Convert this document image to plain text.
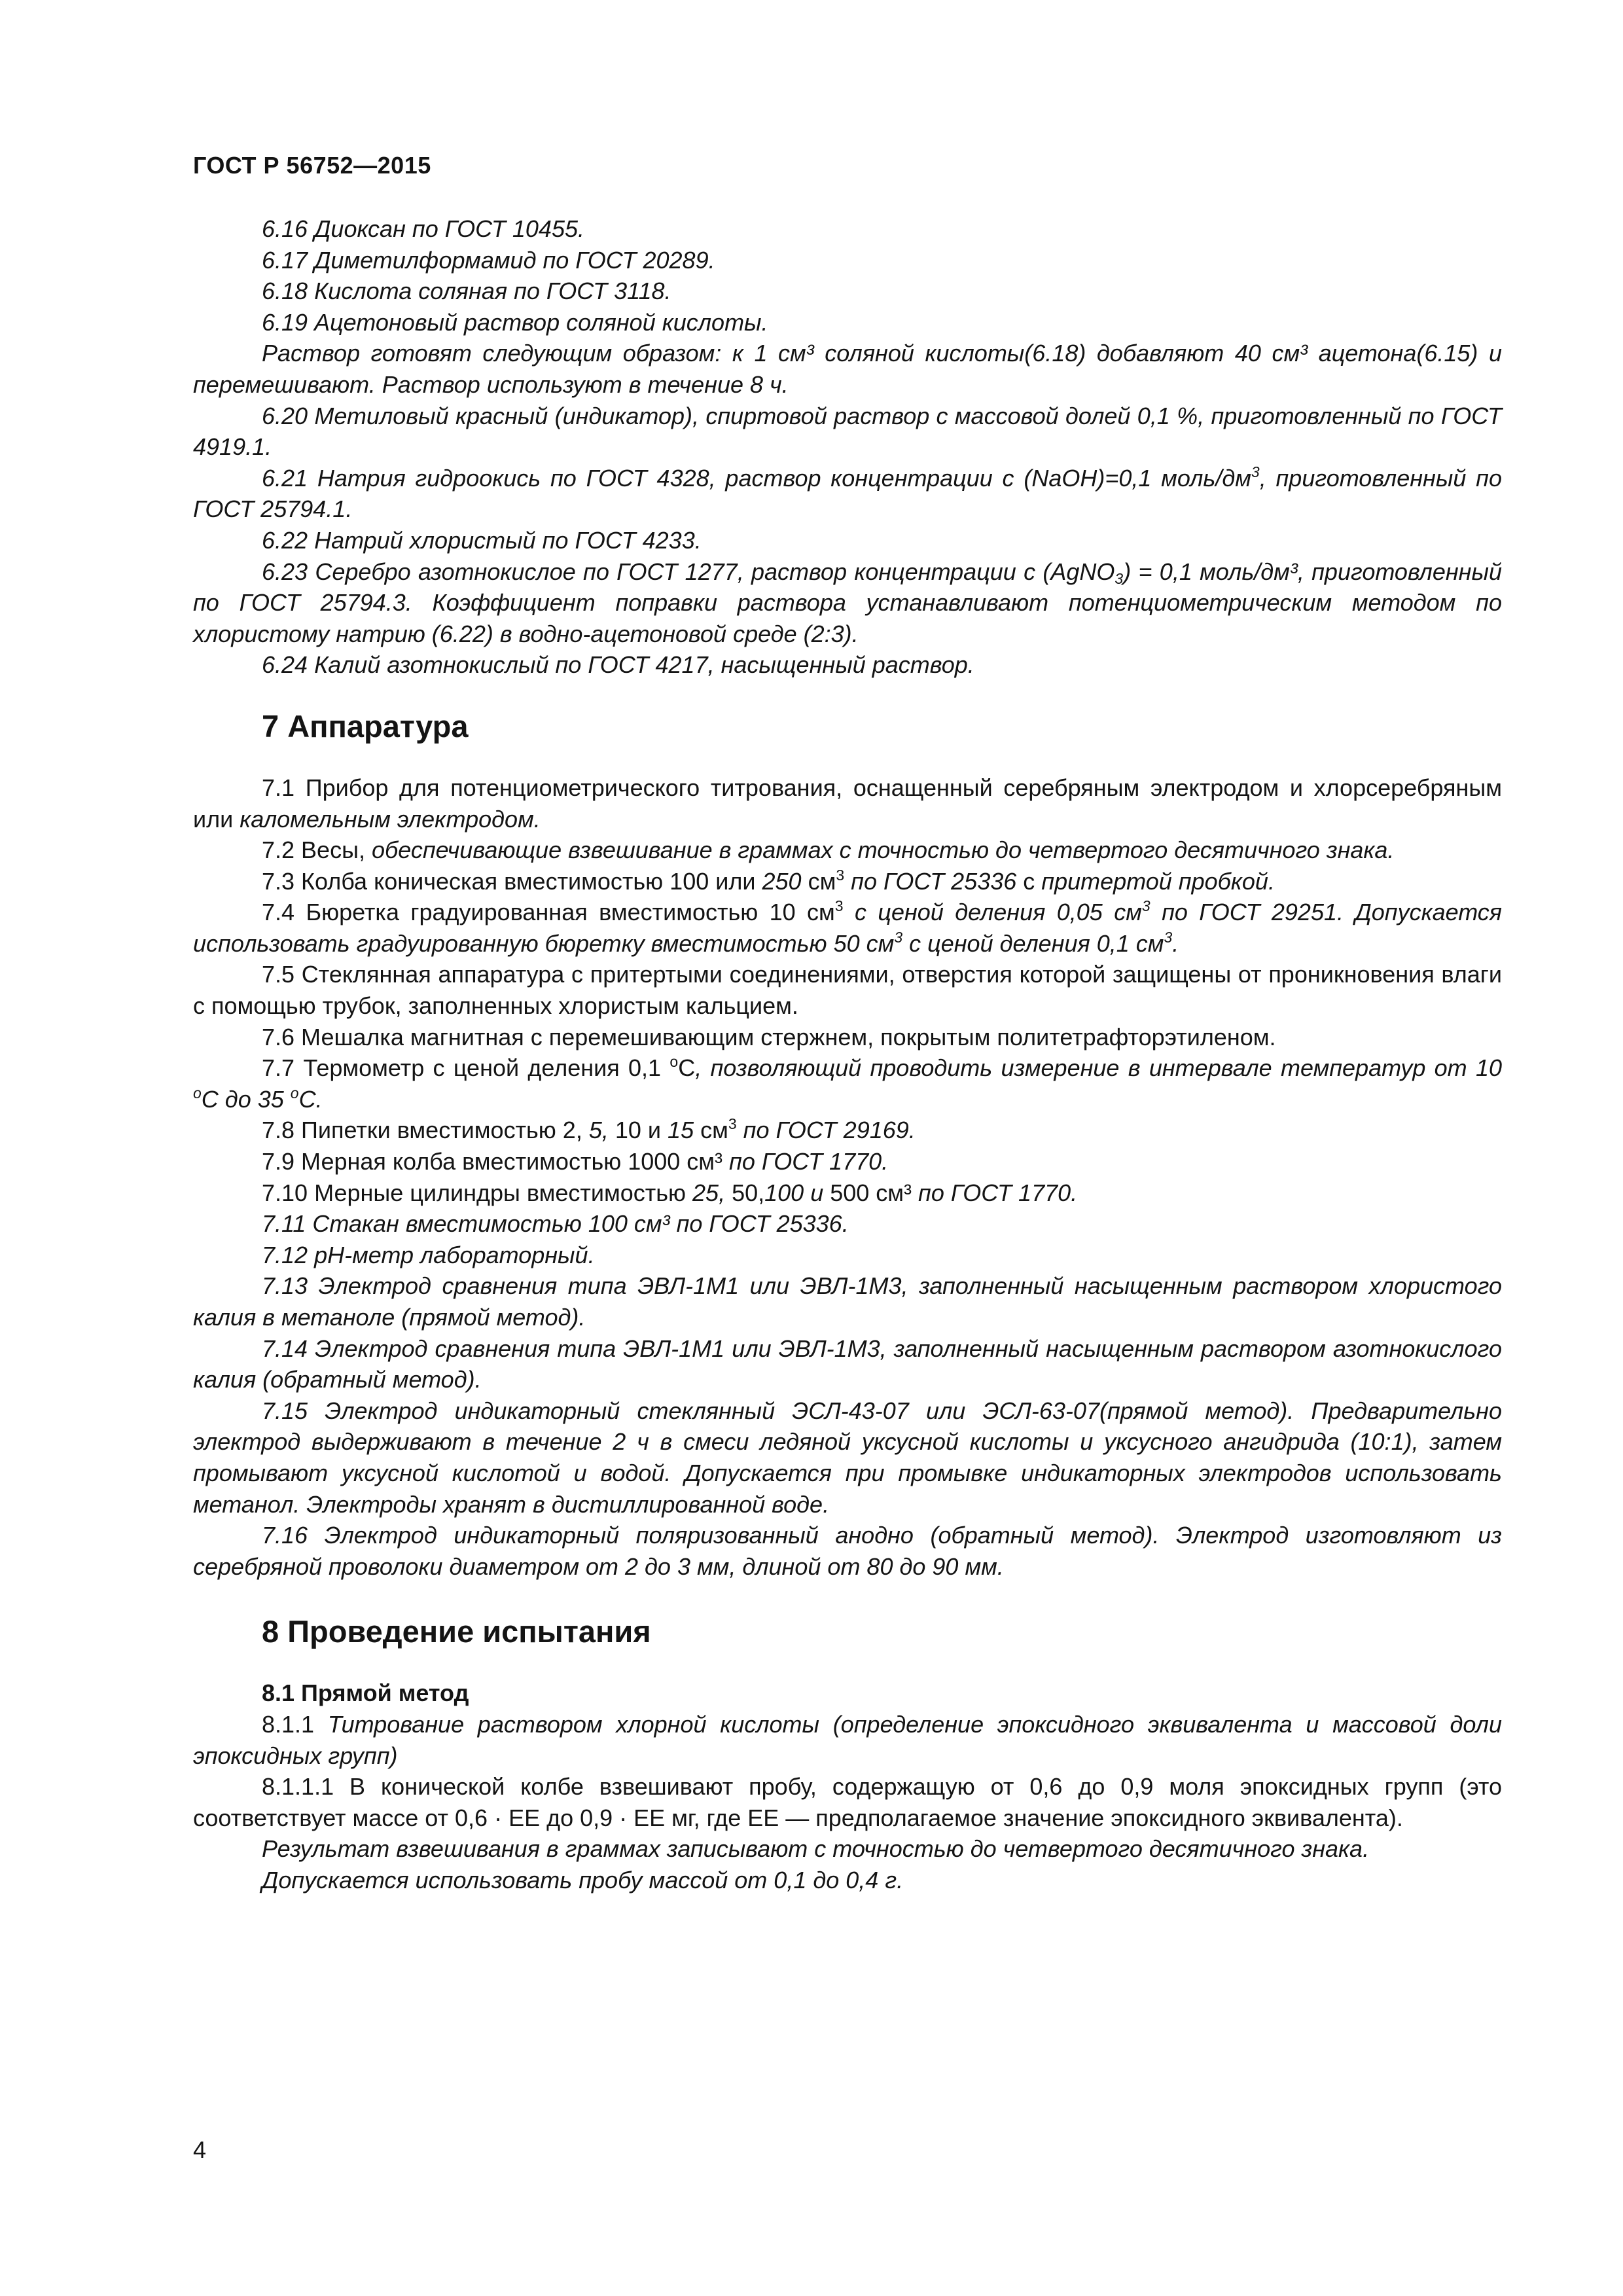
ГОСТ Р 56752—2015

6.16 Диоксан по ГОСТ 10455.

6.17 Диметилформамид по ГОСТ 20289.

6.18 Кислота соляная по ГОСТ 3118.

6.19 Ацетоновый раствор соляной кислоты.

Раствор готовят следующим образом: к 1 см³ соляной кислоты(6.18) добавляют 40 см³ ацетона(6.15) и перемешивают. Раствор используют в течение 8 ч.

6.20 Метиловый красный (индикатор), спиртовой раствор с массовой долей 0,1 %, приготовленный по ГОСТ 4919.1.

6.21 Натрия гидроокись по ГОСТ 4328, раствор концентрации с (NaOH)=0,1 моль/$дм^3$, приготовленный по ГОСТ 25794.1.

6.22 Натрий хлористый по ГОСТ 4233.

6.23 Серебро азотнокислое по ГОСТ 1277, раствор концентрации с (AgNO$_3$) = 0,1 моль/дм³, приготовленный по ГОСТ 25794.3. Коэффициент поправки раствора устанавливают потенциометрическим методом по хлористому натрию (6.22) в водно-ацетоновой среде (2:3).

6.24 Калий азотнокислый по ГОСТ 4217, насыщенный раствор.

7 Аппаратура

7.1 Прибор для потенциометрического титрования, оснащенный серебряным электродом и хлорсеребряным или каломельным электродом.

7.2 Весы, обеспечивающие взвешивание в граммах с точностью до четвертого десятичного знака.

7.3 Колба коническая вместимостью 100 или 250 $см^3$ по ГОСТ 25336 с притертой пробкой.

7.4 Бюретка градуированная вместимостью 10 $см^3$ с ценой деления 0,05 $см^3$ по ГОСТ 29251. Допускается использовать градуированную бюретку вместимостью 50 $см^3$ с ценой деления 0,1 $см^3$.

7.5 Стеклянная аппаратура с притертыми соединениями, отверстия которой защищены от проникновения влаги с помощью трубок, заполненных хлористым кальцием.

7.6 Мешалка магнитная с перемешивающим стержнем, покрытым политетрафторэтиленом.

7.7 Термометр с ценой деления 0,1 $^о$С, позволяющий проводить измерение в интервале температур от 10 $^о$С до 35 $^о$С.

7.8 Пипетки вместимостью 2, 5, 10 и 15 $см^3$ по ГОСТ 29169.

7.9 Мерная колба вместимостью 1000 см³ по ГОСТ 1770.

7.10 Мерные цилиндры вместимостью 25, 50,100 и 500 см³ по ГОСТ 1770.

7.11 Стакан вместимостью 100 см³ по ГОСТ 25336.

7.12 рН-метр лабораторный.

7.13 Электрод сравнения типа ЭВЛ-1М1 или ЭВЛ-1М3, заполненный насыщенным раствором хлористого калия в метаноле (прямой метод).

7.14 Электрод сравнения типа ЭВЛ-1М1 или ЭВЛ-1М3, заполненный насыщенным раствором азотнокислого калия (обратный метод).

7.15 Электрод индикаторный стеклянный ЭСЛ-43-07 или ЭСЛ-63-07(прямой метод). Предварительно электрод выдерживают в течение 2 ч в смеси ледяной уксусной кислоты и уксусного ангидрида (10:1), затем промывают уксусной кислотой и водой. Допускается при промывке индикаторных электродов использовать метанол. Электроды хранят в дистиллированной воде.

7.16 Электрод индикаторный поляризованный анодно (обратный метод). Электрод изготовляют из серебряной проволоки диаметром от 2 до 3 мм, длиной от 80 до 90 мм.

8 Проведение испытания
8.1 Прямой метод

8.1.1 Титрование раствором хлорной кислоты (определение эпоксидного эквивалента и массовой доли эпоксидных групп)

8.1.1.1 В конической колбе взвешивают пробу, содержащую от 0,6 до 0,9 моля эпоксидных групп (это соответствует массе от 0,6 · ЕЕ до 0,9 · ЕЕ мг, где ЕЕ — предполагаемое значение эпоксидного эквивалента).

Результат взвешивания в граммах записывают с точностью до четвертого десятичного знака.

Допускается использовать пробу массой от 0,1 до 0,4 г.

4
